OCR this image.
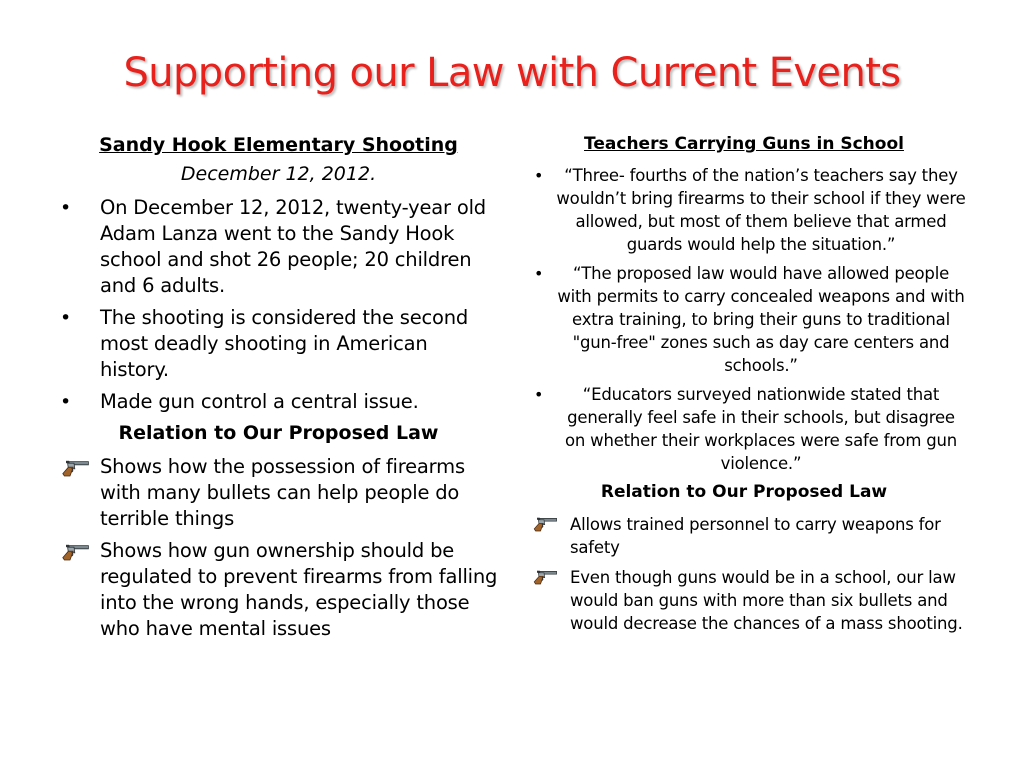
Supporting our Law with Current Events
Sandy Hook Elementary Shooting
December 12, 2012.
• On December 12, 2012, twenty-year old Adam Lanza went to the Sandy Hook school and shot 26 people; 20 children and 6 adults.
• The shooting is considered the second most deadly shooting in American history.
• Made gun control a central issue.
Relation to Our Proposed Law
Shows how the possession of firearms with many bullets can help people do terrible things
Shows how gun ownership should be regulated to prevent firearms from falling into the wrong hands, especially those who have mental issues
Teachers Carrying Guns in School
• “Three- fourths of the nation’s teachers say they wouldn’t bring firearms to their school if they were allowed, but most of them believe that armed guards would help the situation.”
• “The proposed law would have allowed people with permits to carry concealed weapons and with extra training, to bring their guns to traditional "gun-free" zones such as day care centers and schools.”
• “Educators surveyed nationwide stated that generally feel safe in their schools, but disagree on whether their workplaces were safe from gun violence.”
Relation to Our Proposed Law
Allows trained personnel to carry weapons for safety
Even though guns would be in a school, our law would ban guns with more than six bullets and would decrease the chances of a mass shooting.
